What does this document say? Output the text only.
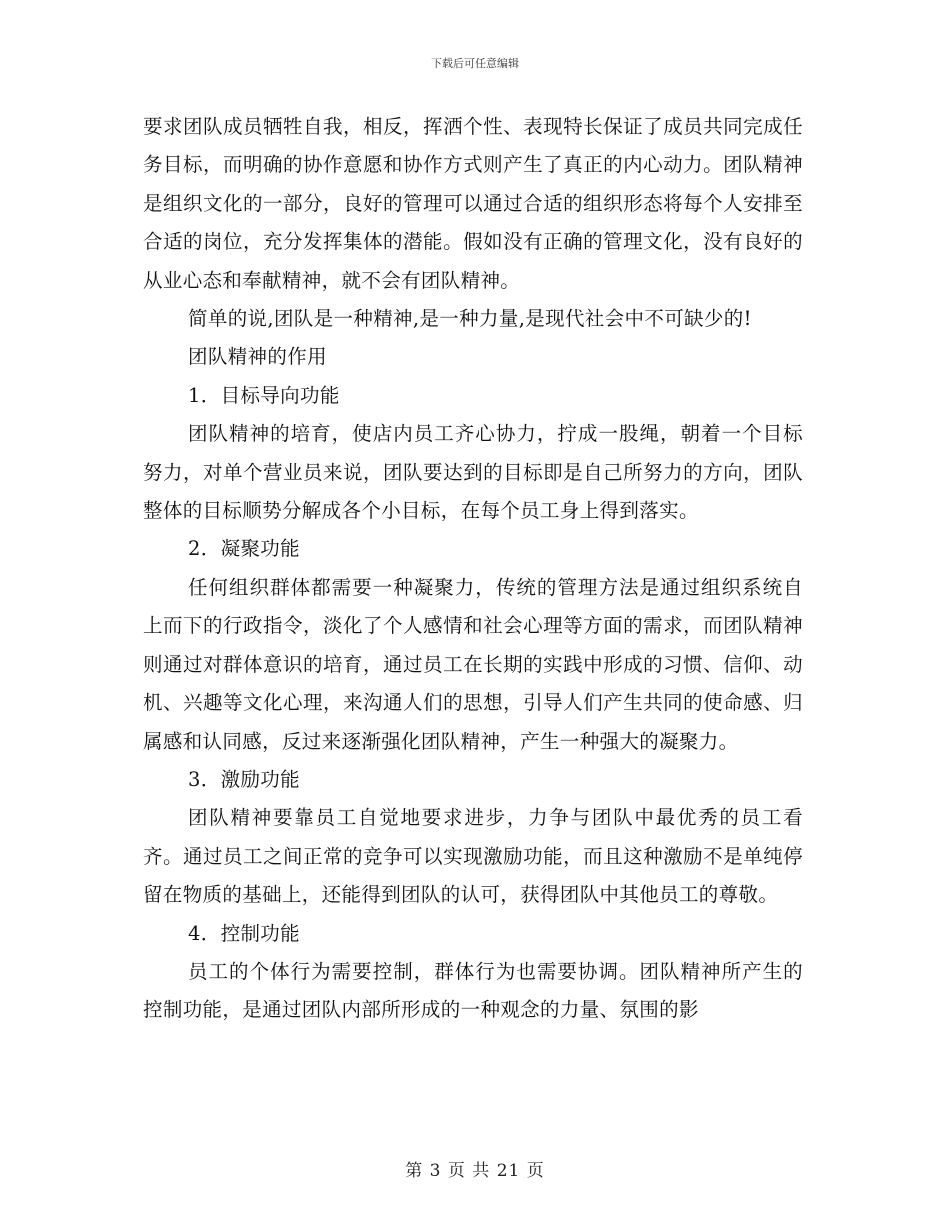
下载后可任意编辑

要求团队成员牺牲自我，相反，挥洒个性、表现特长保证了成员共同完成任务目标，而明确的协作意愿和协作方式则产生了真正的内心动力。团队精神是组织文化的一部分，良好的管理可以通过合适的组织形态将每个人安排至合适的岗位，充分发挥集体的潜能。假如没有正确的管理文化，没有良好的从业心态和奉献精神，就不会有团队精神。

简单的说,团队是一种精神,是一种力量,是现代社会中不可缺少的!

团队精神的作用

1．目标导向功能

团队精神的培育，使店内员工齐心协力，拧成一股绳，朝着一个目标努力，对单个营业员来说，团队要达到的目标即是自己所努力的方向，团队整体的目标顺势分解成各个小目标，在每个员工身上得到落实。

2．凝聚功能

任何组织群体都需要一种凝聚力，传统的管理方法是通过组织系统自上而下的行政指令，淡化了个人感情和社会心理等方面的需求，而团队精神则通过对群体意识的培育，通过员工在长期的实践中形成的习惯、信仰、动机、兴趣等文化心理，来沟通人们的思想，引导人们产生共同的使命感、归属感和认同感，反过来逐渐强化团队精神，产生一种强大的凝聚力。

3．激励功能

团队精神要靠员工自觉地要求进步，力争与团队中最优秀的员工看齐。通过员工之间正常的竞争可以实现激励功能，而且这种激励不是单纯停留在物质的基础上，还能得到团队的认可，获得团队中其他员工的尊敬。

4．控制功能

员工的个体行为需要控制，群体行为也需要协调。团队精神所产生的控制功能，是通过团队内部所形成的一种观念的力量、氛围的影

第 3 页 共 21 页
